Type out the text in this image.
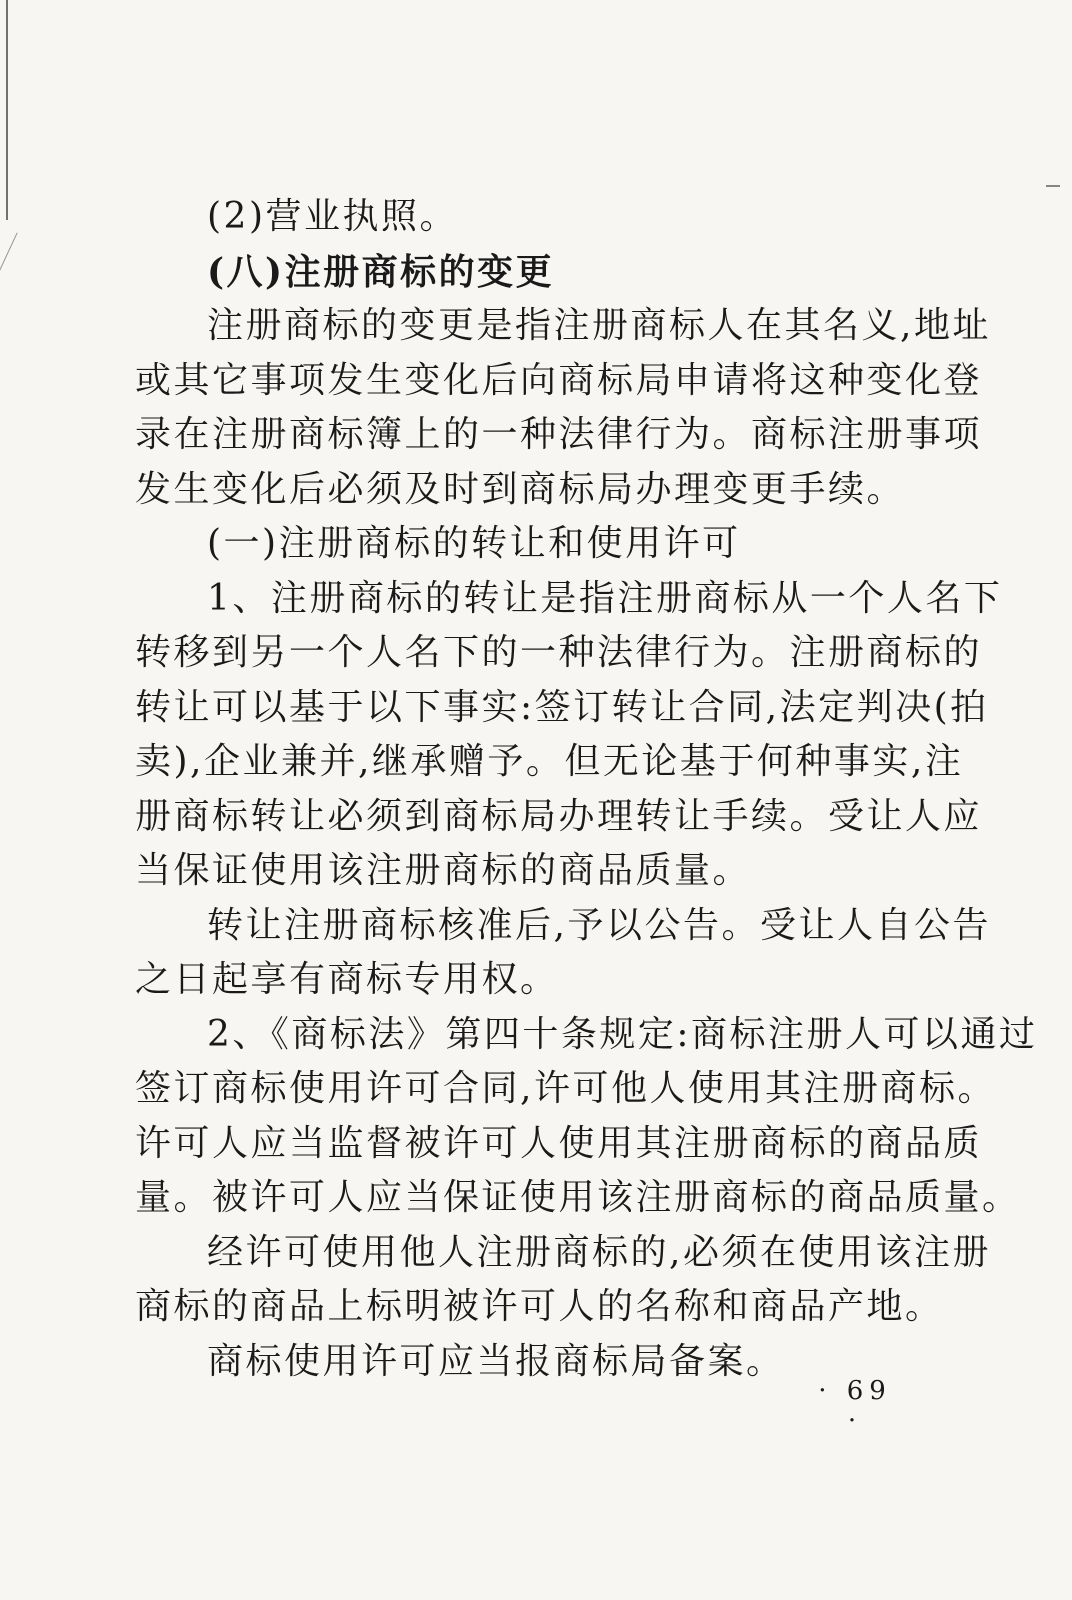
(2)营业执照。
(八)注册商标的变更
注册商标的变更是指注册商标人在其名义,地址
或其它事项发生变化后向商标局申请将这种变化登
录在注册商标簿上的一种法律行为。商标注册事项
发生变化后必须及时到商标局办理变更手续。
(一)注册商标的转让和使用许可
1、注册商标的转让是指注册商标从一个人名下
转移到另一个人名下的一种法律行为。注册商标的
转让可以基于以下事实:签订转让合同,法定判决(拍
卖),企业兼并,继承赠予。但无论基于何种事实,注
册商标转让必须到商标局办理转让手续。受让人应
当保证使用该注册商标的商品质量。
转让注册商标核准后,予以公告。受让人自公告
之日起享有商标专用权。
2、《商标法》第四十条规定:商标注册人可以通过
签订商标使用许可合同,许可他人使用其注册商标。
许可人应当监督被许可人使用其注册商标的商品质
量。被许可人应当保证使用该注册商标的商品质量。
经许可使用他人注册商标的,必须在使用该注册
商标的商品上标明被许可人的名称和商品产地。
商标使用许可应当报商标局备案。
· 69 ·
